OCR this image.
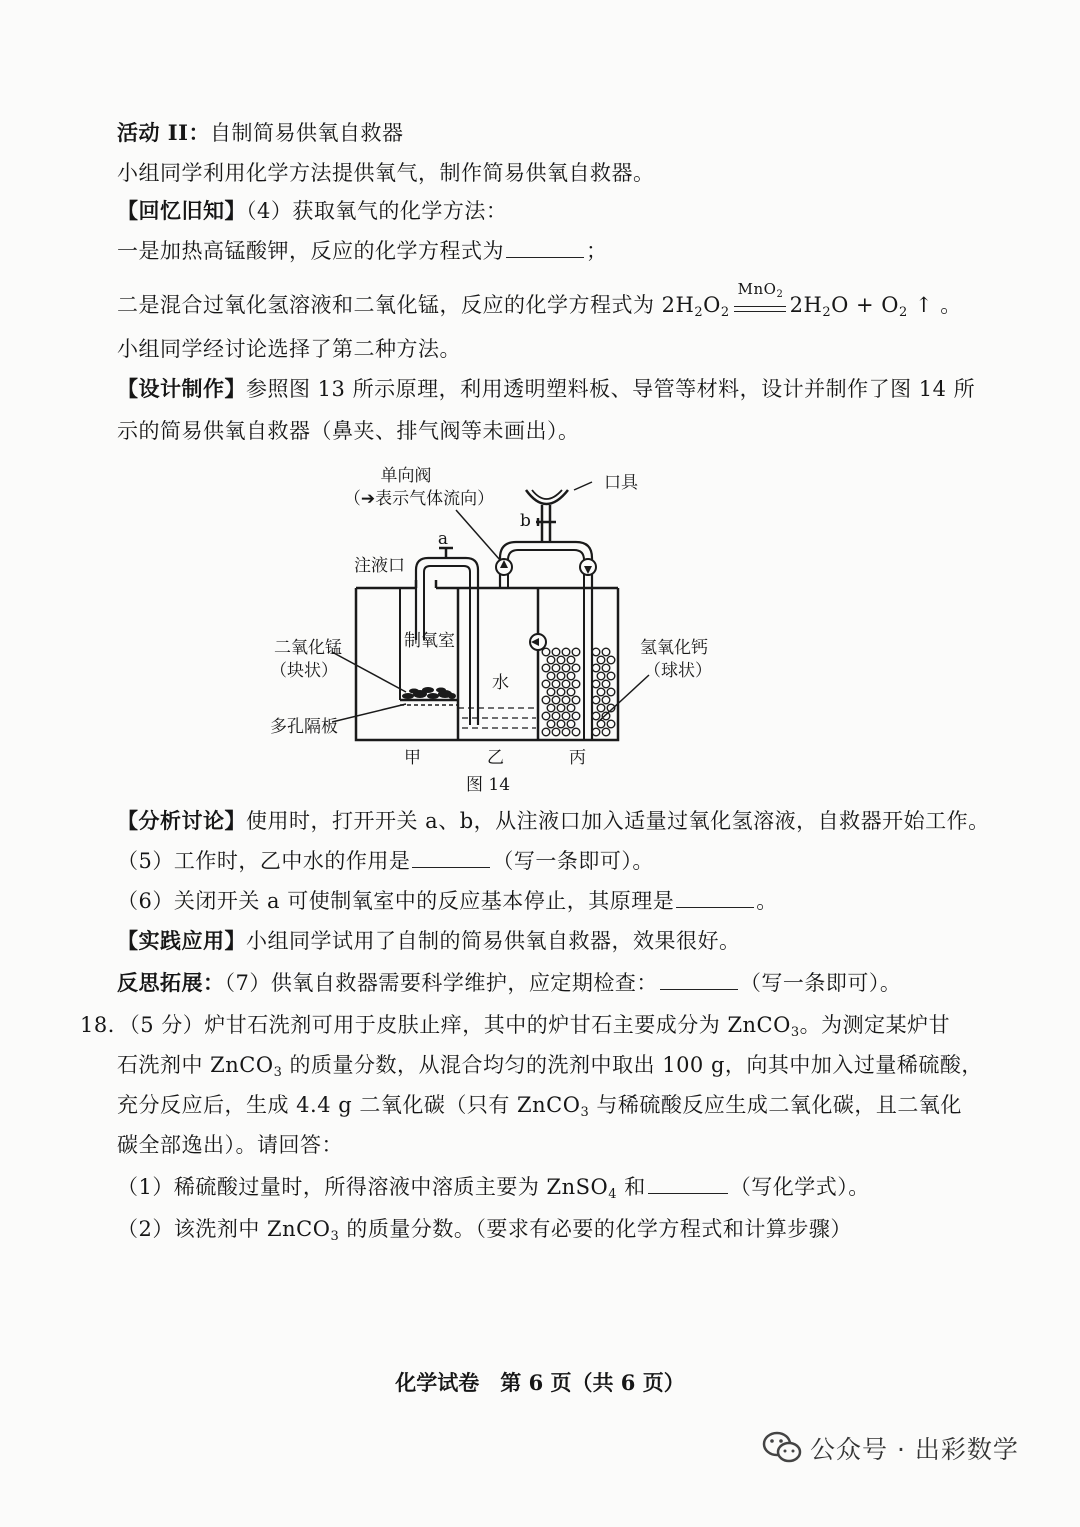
活动 II：自制简易供氧自救器
小组同学利用化学方法提供氧气，制作简易供氧自救器。
【回忆旧知】（4）获取氧气的化学方法：
一是加热高锰酸钾，反应的化学方程式为	；
二是混合过氧化氢溶液和二氧化锰，反应的化学方程式为 $2H_2O_2$
MnO$_2$ $2H_2O + O_2$ ↑ 。
小组同学经讨论选择了第二种方法。
【设计制作】参照图 13 所示原理，利用透明塑料板、导管等材料，设计并制作了图 14 所
示的简易供氧自救器（鼻夹、排气阀等未画出）。
单向阀
（➔表示气体流向）
口具
a
b
注液口
二氧化锰
（块状）
制氧室
水
氢氧化钙
（球状）
多孔隔板
甲	乙	丙
图 14
【分析讨论】使用时，打开开关 a、b，从注液口加入适量过氧化氢溶液，自救器开始工作。
（5）工作时，乙中水的作用是	（写一条即可）。
（6）关闭开关 a 可使制氧室中的反应基本停止，其原理是	。
【实践应用】小组同学试用了自制的简易供氧自救器，效果很好。
反思拓展：（7）供氧自救器需要科学维护，应定期检查：	（写一条即可）。
18．（5 分）炉甘石洗剂可用于皮肤止痒，其中的炉甘石主要成分为 ZnCO$_3$。为测定某炉甘
石洗剂中 ZnCO$_3$ 的质量分数，从混合均匀的洗剂中取出 100 g，向其中加入过量稀硫酸，
充分反应后，生成 4.4 g 二氧化碳（只有 ZnCO$_3$ 与稀硫酸反应生成二氧化碳，且二氧化
碳全部逸出）。请回答：
（1）稀硫酸过量时，所得溶液中溶质主要为 ZnSO$_4$ 和	（写化学式）。
（2）该洗剂中 ZnCO$_3$ 的质量分数。（要求有必要的化学方程式和计算步骤）
化学试卷　第 6 页（共 6 页）
公众号 · 出彩数学
